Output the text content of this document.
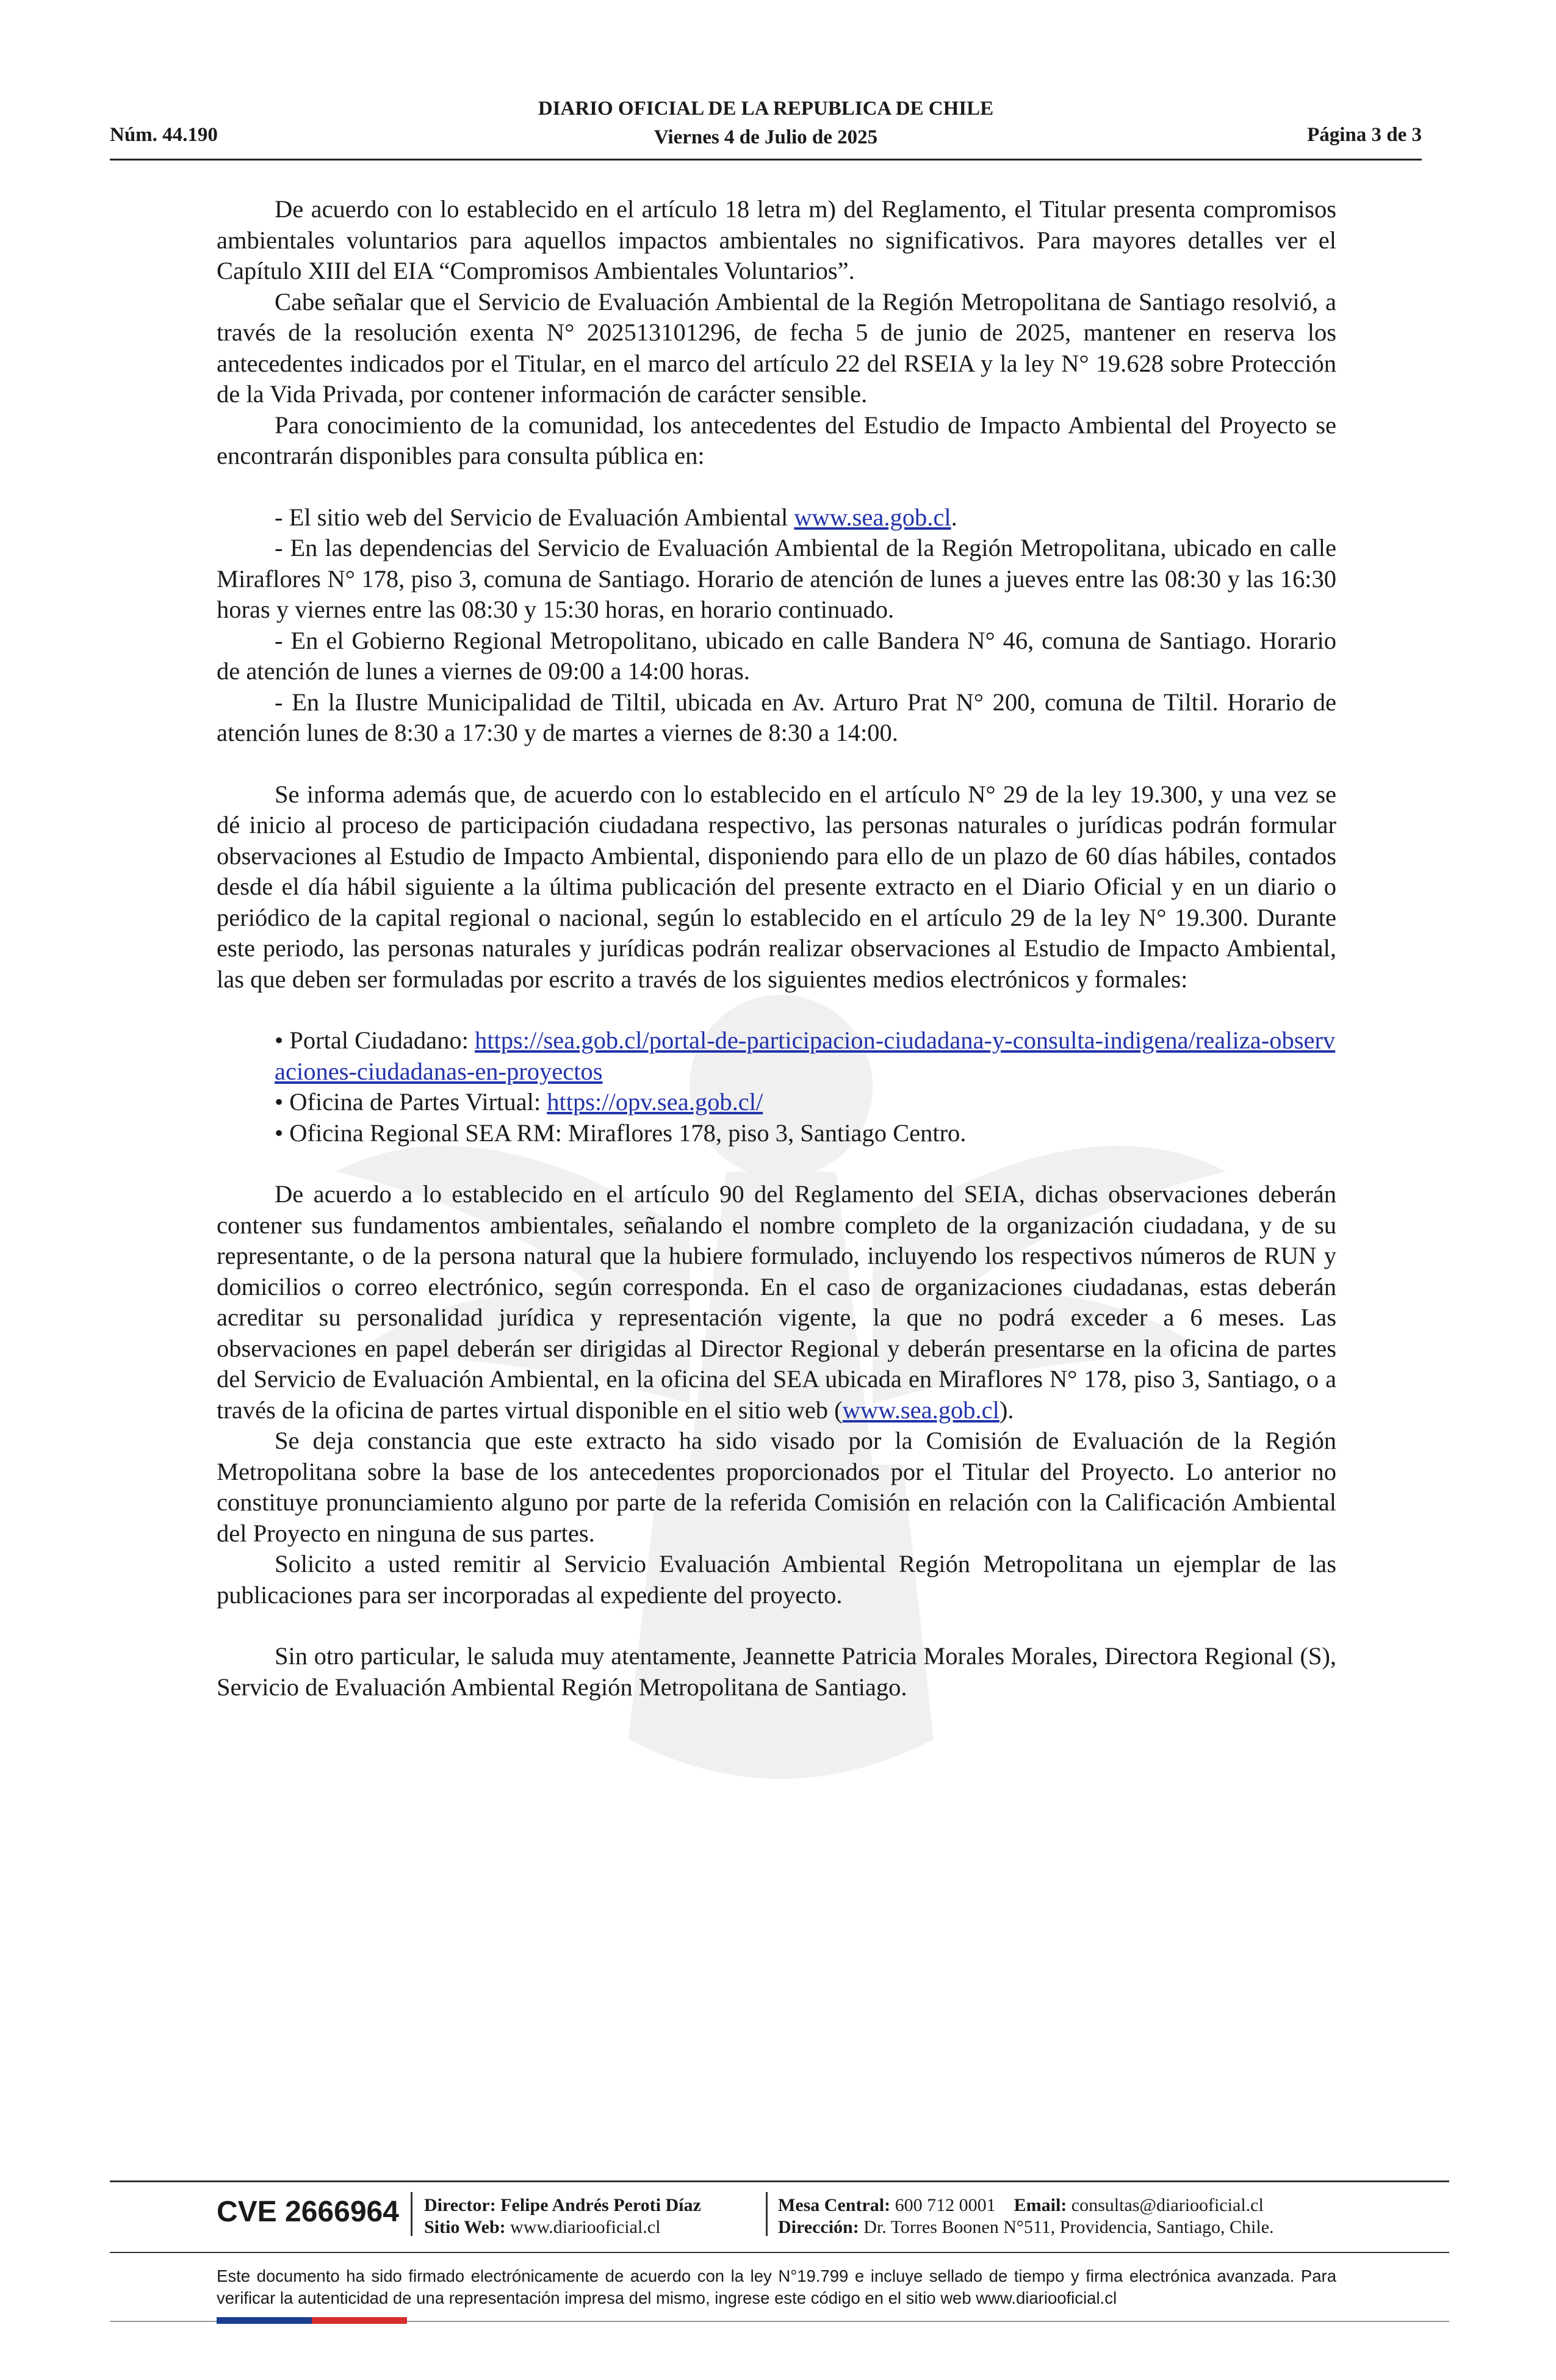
Núm. 44.190
DIARIO OFICIAL DE LA REPUBLICA DE CHILE
Viernes 4 de Julio de 2025	Página 3 de 3

De acuerdo con lo establecido en el artículo 18 letra m) del Reglamento, el Titular presenta compromisos ambientales voluntarios para aquellos impactos ambientales no significativos. Para mayores detalles ver el Capítulo XIII del EIA “Compromisos Ambientales Voluntarios”.

Cabe señalar que el Servicio de Evaluación Ambiental de la Región Metropolitana de Santiago resolvió, a través de la resolución exenta N° 202513101296, de fecha 5 de junio de 2025, mantener en reserva los antecedentes indicados por el Titular, en el marco del artículo 22 del RSEIA y la ley N° 19.628 sobre Protección de la Vida Privada, por contener información de carácter sensible.

Para conocimiento de la comunidad, los antecedentes del Estudio de Impacto Ambiental del Proyecto se encontrarán disponibles para consulta pública en:

- El sitio web del Servicio de Evaluación Ambiental www.sea.gob.cl.

- En las dependencias del Servicio de Evaluación Ambiental de la Región Metropolitana, ubicado en calle Miraflores N° 178, piso 3, comuna de Santiago. Horario de atención de lunes a jueves entre las 08:30 y las 16:30 horas y viernes entre las 08:30 y 15:30 horas, en horario continuado.

- En el Gobierno Regional Metropolitano, ubicado en calle Bandera N° 46, comuna de Santiago. Horario de atención de lunes a viernes de 09:00 a 14:00 horas.

- En la Ilustre Municipalidad de Tiltil, ubicada en Av. Arturo Prat N° 200, comuna de Tiltil. Horario de atención lunes de 8:30 a 17:30 y de martes a viernes de 8:30 a 14:00.

Se informa además que, de acuerdo con lo establecido en el artículo N° 29 de la ley 19.300, y una vez se dé inicio al proceso de participación ciudadana respectivo, las personas naturales o jurídicas podrán formular observaciones al Estudio de Impacto Ambiental, disponiendo para ello de un plazo de 60 días hábiles, contados desde el día hábil siguiente a la última publicación del presente extracto en el Diario Oficial y en un diario o periódico de la capital regional o nacional, según lo establecido en el artículo 29 de la ley N° 19.300. Durante este periodo, las personas naturales y jurídicas podrán realizar observaciones al Estudio de Impacto Ambiental, las que deben ser formuladas por escrito a través de los siguientes medios electrónicos y formales:

• Portal Ciudadano: https://sea.gob.cl/portal-de-participacion-ciudadana-y-consulta-indigena/realiza-observaciones-ciudadanas-en-proyectos

• Oficina de Partes Virtual: https://opv.sea.gob.cl/

• Oficina Regional SEA RM: Miraflores 178, piso 3, Santiago Centro.

De acuerdo a lo establecido en el artículo 90 del Reglamento del SEIA, dichas observaciones deberán contener sus fundamentos ambientales, señalando el nombre completo de la organización ciudadana, y de su representante, o de la persona natural que la hubiere formulado, incluyendo los respectivos números de RUN y domicilios o correo electrónico, según corresponda. En el caso de organizaciones ciudadanas, estas deberán acreditar su personalidad jurídica y representación vigente, la que no podrá exceder a 6 meses. Las observaciones en papel deberán ser dirigidas al Director Regional y deberán presentarse en la oficina de partes del Servicio de Evaluación Ambiental, en la oficina del SEA ubicada en Miraflores N° 178, piso 3, Santiago, o a través de la oficina de partes virtual disponible en el sitio web (www.sea.gob.cl).

Se deja constancia que este extracto ha sido visado por la Comisión de Evaluación de la Región Metropolitana sobre la base de los antecedentes proporcionados por el Titular del Proyecto. Lo anterior no constituye pronunciamiento alguno por parte de la referida Comisión en relación con la Calificación Ambiental del Proyecto en ninguna de sus partes.

Solicito a usted remitir al Servicio Evaluación Ambiental Región Metropolitana un ejemplar de las publicaciones para ser incorporadas al expediente del proyecto.

Sin otro particular, le saluda muy atentamente, Jeannette Patricia Morales Morales, Directora Regional (S), Servicio de Evaluación Ambiental Región Metropolitana de Santiago.

CVE 2666964 Director: Felipe Andrés Peroti Díaz
Sitio Web: www.diariooficial.cl
Mesa Central: 600 712 0001 Email: consultas@diariooficial.cl
Dirección: Dr. Torres Boonen N°511, Providencia, Santiago, Chile.
Este documento ha sido firmado electrónicamente de acuerdo con la ley N°19.799 e incluye sellado de tiempo y firma electrónica avanzada. Para verificar la autenticidad de una representación impresa del mismo, ingrese este código en el sitio web www.diariooficial.cl
